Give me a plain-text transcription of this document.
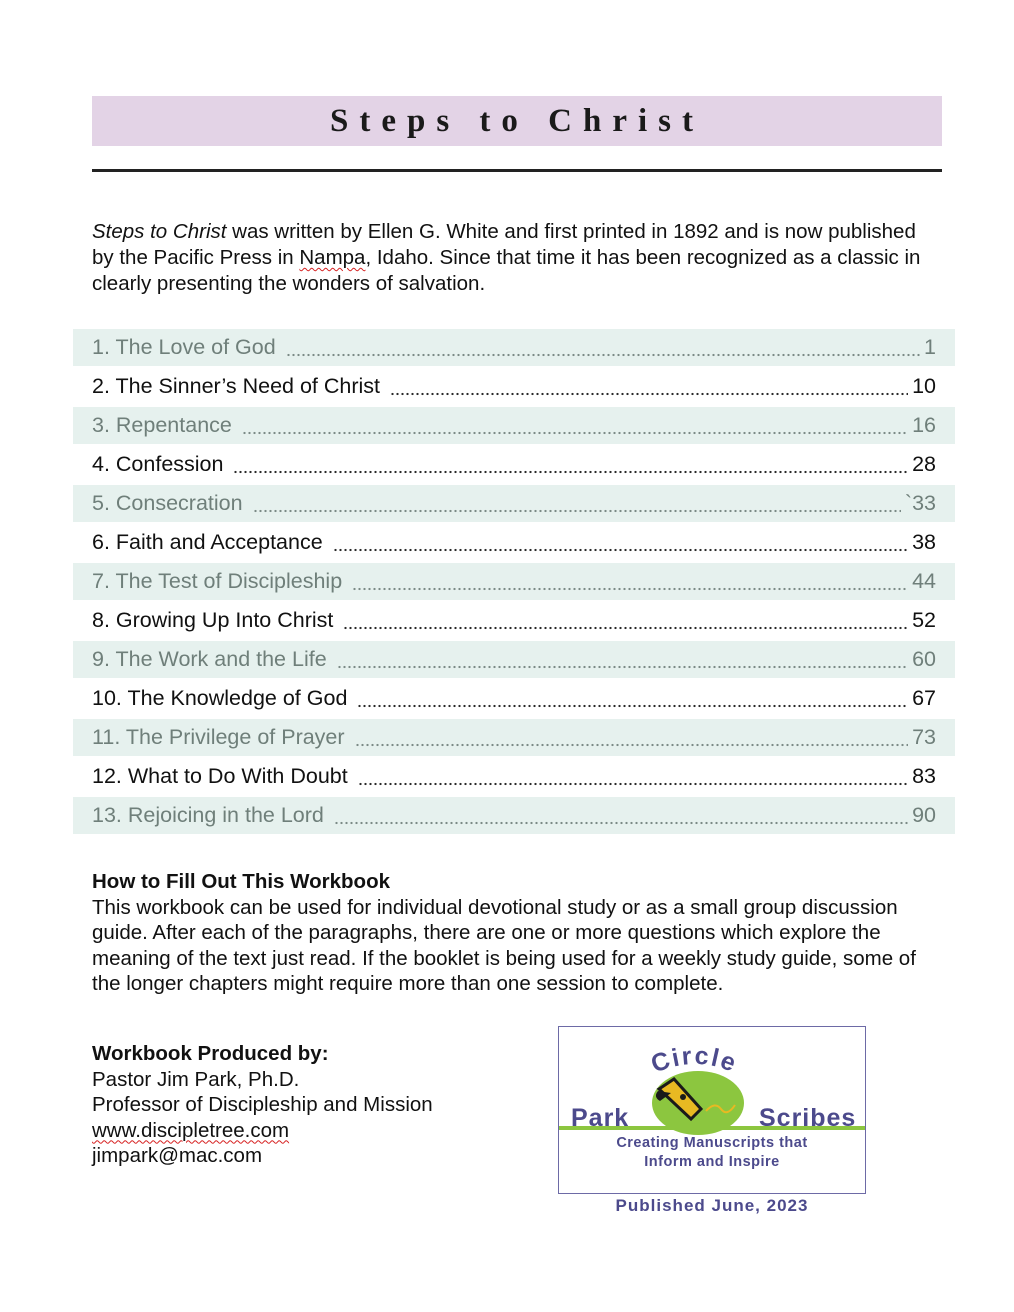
Steps to Christ

Steps to Christ was written by Ellen G. White and first printed in 1892 and is now published by the Pacific Press in Nampa, Idaho. Since that time it has been recognized as a classic in clearly presenting the wonders of salvation.

1. The Love of God	1
2. The Sinner’s Need of Christ	10
3. Repentance	16
4. Confession	28
5. Consecration	`33
6. Faith and Acceptance	38
7. The Test of Discipleship	44
8. Growing Up Into Christ	52
9. The Work and the Life	60
10. The Knowledge of God	67
11. The Privilege of Prayer	73
12. What to Do With Doubt	83
13. Rejoicing in the Lord	90
How to Fill Out This Workbook

This workbook can be used for individual devotional study or as a small group discussion guide. After each of the paragraphs, there are one or more questions which explore the meaning of the text just read. If the booklet is being used for a weekly study guide, some of the longer chapters might require more than one session to complete.

Workbook Produced by:
Pastor Jim Park, Ph.D.
Professor of Discipleship and Mission
www.discipletree.com
jimpark@mac.com
Circle
Park	Scribes
Creating Manuscripts that
Inform and Inspire
Published June, 2023
